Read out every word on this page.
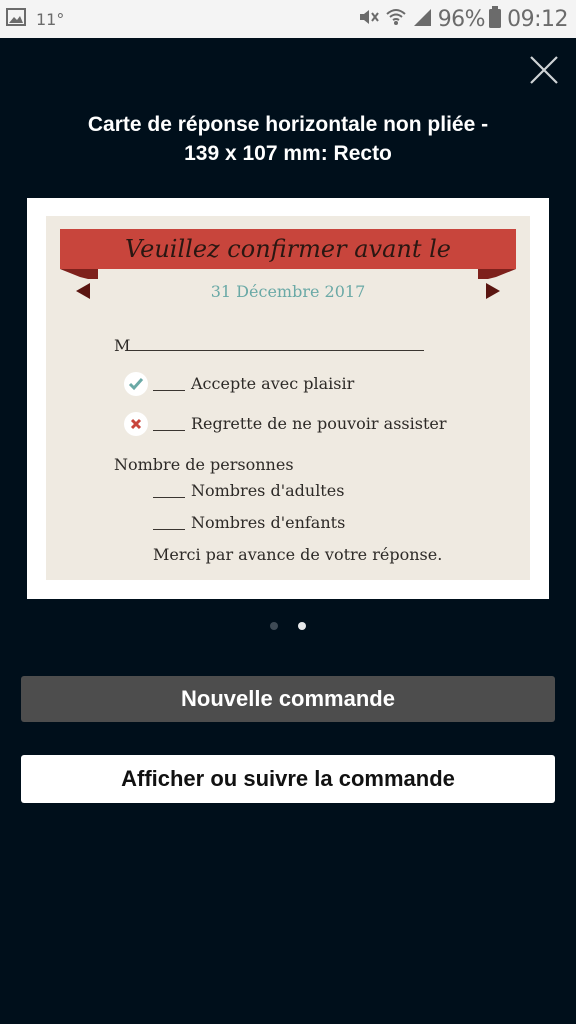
11°	96% 09:12
Carte de réponse horizontale non pliée -
139 x 107 mm: Recto
Veuillez confirmer avant le
31 Décembre 2017
M
Accepte avec plaisir
Regrette de ne pouvoir assister
Nombre de personnes
Nombres d'adultes
Nombres d'enfants
Merci par avance de votre réponse.
Nouvelle commande
Afficher ou suivre la commande
